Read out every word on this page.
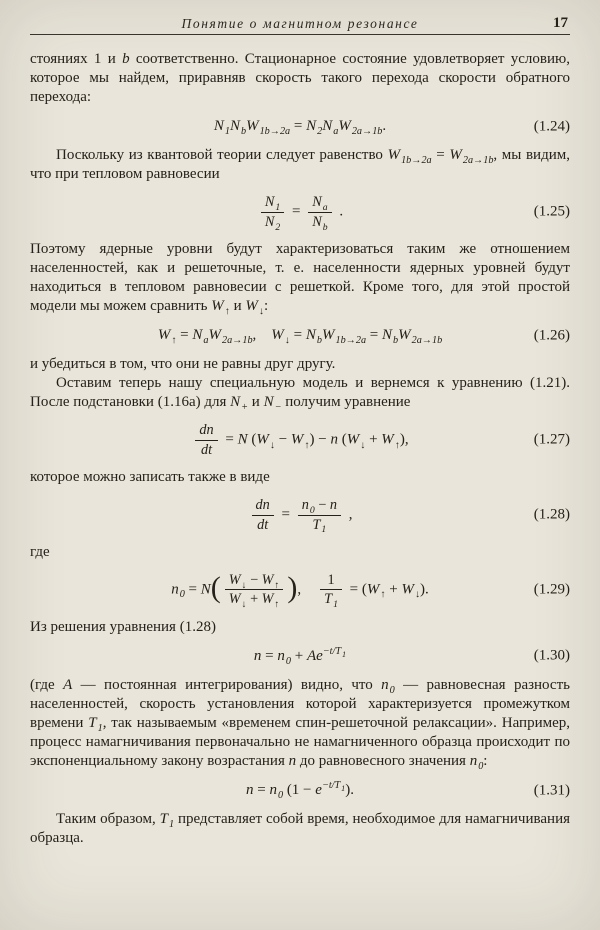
Понятие о магнитном резонансе	17

стояниях 1 и b соответственно. Стационарное состояние удовлетворяет условию, которое мы найдем, приравняв скорость такого перехода скорости обратного перехода:

$N_1N_bW_{1b\to 2a} = N_2N_aW_{2a\to 1b}$.	(1.24)

Поскольку из квантовой теории следует равенство $W_{1b\to 2a} = W_{2a\to 1b}$, мы видим, что при тепловом равновесии

$\frac{N_1}{N_2} = \frac{N_a}{N_b}$ .	(1.25)

Поэтому ядерные уровни будут характеризоваться таким же отношением населенностей, как и решеточные, т. е. населенности ядерных уровней будут находиться в тепловом равновесии с решеткой. Кроме того, для этой простой модели мы можем сравнить $W_↑$ и $W_↓$:

$W_↑ = N_aW_{2a\to 1b}$, $W_↓ = N_bW_{1b\to 2a} = N_bW_{2a\to 1b}$	(1.26)

и убедиться в том, что они не равны друг другу.

Оставим теперь нашу специальную модель и вернемся к уравнению (1.21). После подстановки (1.16а) для $N_+$ и $N_-$ получим уравнение

$\frac{dn}{dt} = N$ $(W_↓ - W_↑) - n$ $(W_↓ + W_↑)$,	(1.27)

которое можно записать также в виде

$\frac{dn}{dt} = \frac{n_0 - n}{T_1}$ ,	(1.28)

где

$n_0 = N( \frac{W_↓ - W_↑}{W_↓ + W_↑}$ ),  $\frac{1}{T_1} = (W_↑ + W_↓)$.	(1.29)

Из решения уравнения (1.28)

$n = n_0 + Ae^{-t/T_1}$	(1.30)

(где A — постоянная интегрирования) видно, что $n_0$ — равновесная разность населенностей, скорость установления которой характеризуется промежутком времени $T_1$, так называемым «временем спин-решеточной релаксации». Например, процесс намагничивания первоначально не намагниченного образца происходит по экспоненциальному закону возрастания n до равновесного значения $n_0$:

$n = n_0$ $(1 - e^{-t/T_1})$.	(1.31)

Таким образом, $T_1$ представляет собой время, необходимое для намагничивания образца.
